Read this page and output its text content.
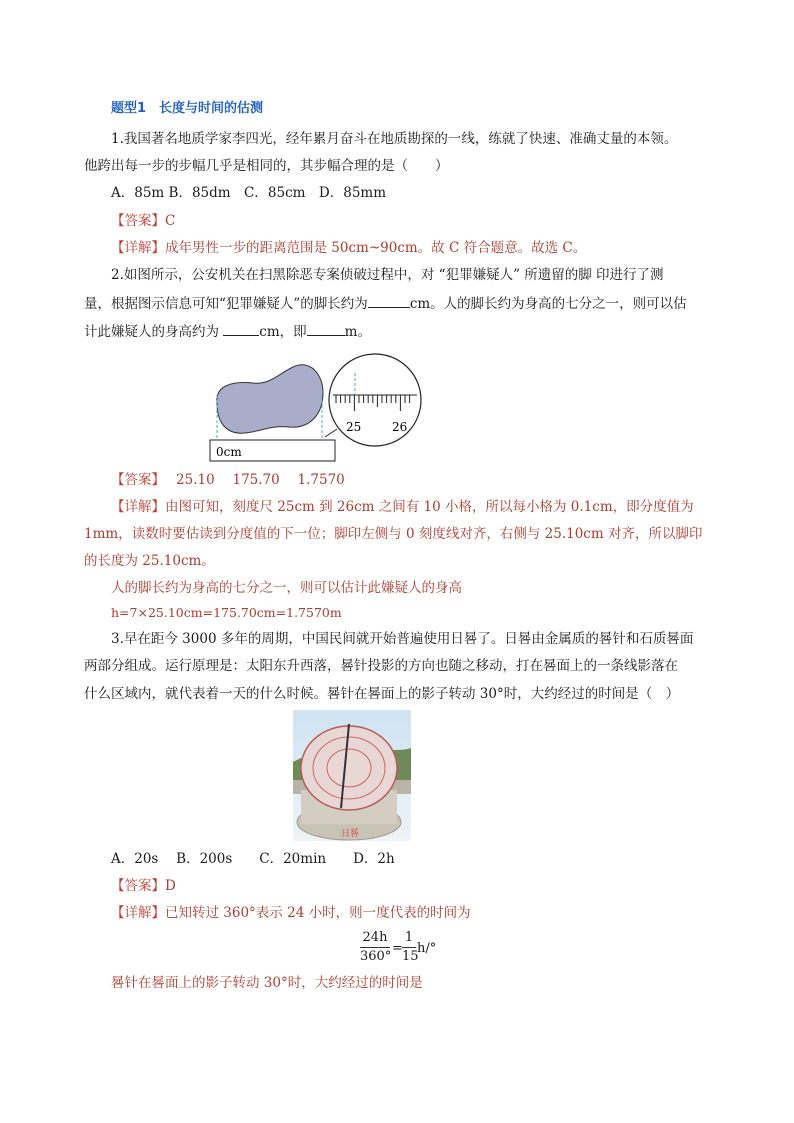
题型1　长度与时间的估测
1.我国著名地质学家李四光，经年累月奋斗在地质勘探的一线，练就了快速、准确丈量的本领。
他跨出每一步的步幅几乎是相同的，其步幅合理的是（　　）
A．85m B．85dm　C．85cm　D．85mm
【答案】C
【详解】成年男性一步的距离范围是 50cm~90cm。故 C 符合题意。故选 C。
2.如图所示，公安机关在扫黑除恶专案侦破过程中，对 “犯罪嫌疑人” 所遗留的脚 印进行了测
量，根据图示信息可知“犯罪嫌疑人”的脚长约为	cm。人的脚长约为身高的七分之一，则可以估
计此嫌疑人的身高约为	cm，即	m。
0cm
25	26
【答案】　 25.10　 175.70　 1.7570
【详解】由图可知，刻度尺 25cm 到 26cm 之间有 10 小格，所以每小格为 0.1cm，即分度值为
1mm，读数时要估读到分度值的下一位；脚印左侧与 0 刻度线对齐，右侧与 25.10cm 对齐，所以脚印
的长度为 25.10cm。
人的脚长约为身高的七分之一，则可以估计此嫌疑人的身高
h=7×25.10cm=175.70cm=1.7570m
3.早在距今 3000 多年的周期，中国民间就开始普遍使用日晷了。日晷由金属质的晷针和石质晷面
两部分组成。运行原理是：太阳东升西落，晷针投影的方向也随之移动，打在晷面上的一条线影落在
什么区域内，就代表着一天的什么时候。晷针在晷面上的影子转动 30°时，大约经过的时间是（　）
日晷
A．20s　 B．200s　　C．20min　　D．2h
【答案】D
【详解】已知转过 360°表示 24 小时，则一度代表的时间为
24h
360°
=
1
15
h/°
晷针在晷面上的影子转动 30°时，大约经过的时间是
